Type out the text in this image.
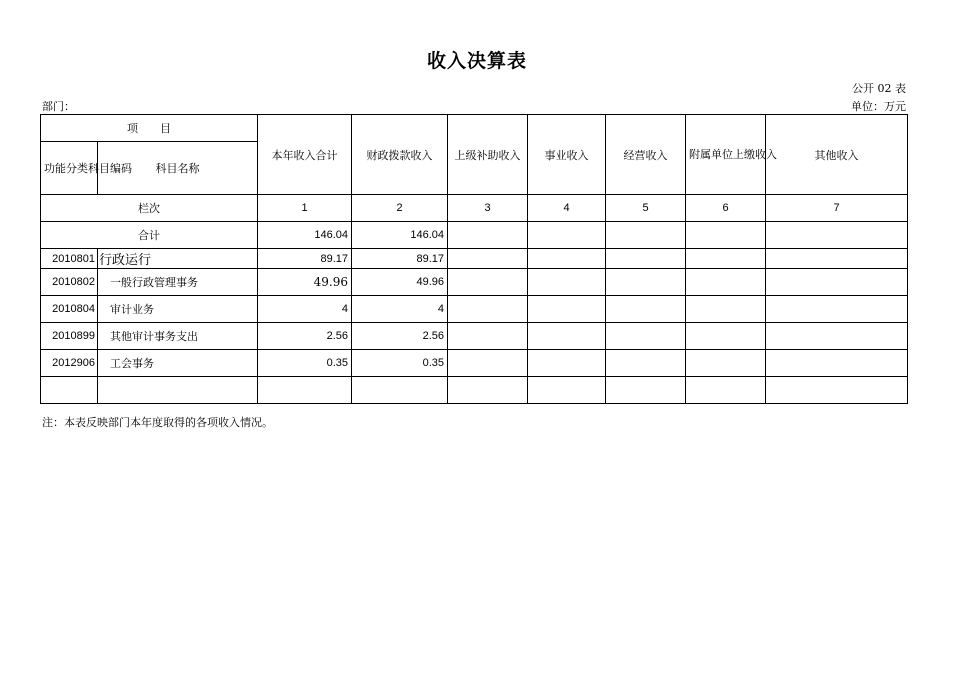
收入决算表
公开 02 表
部门：	单位：万元
项　　目		本年收入合计	财政拨款收入	上级补助收入	事业收入	经营收入	附属单位上缴收入	其他收入
功能分类科目编码	科目名称							
栏次		1	2	3	4	5	6	7
合计		146.04	146.04					
2010801	行政运行	89.17	89.17					
2010802	一般行政管理事务	49.96	49.96					
2010804	审计业务	4	4					
2010899	其他审计事务支出	2.56	2.56					
2012906	工会事务	0.35	0.35					

注：本表反映部门本年度取得的各项收入情况。
